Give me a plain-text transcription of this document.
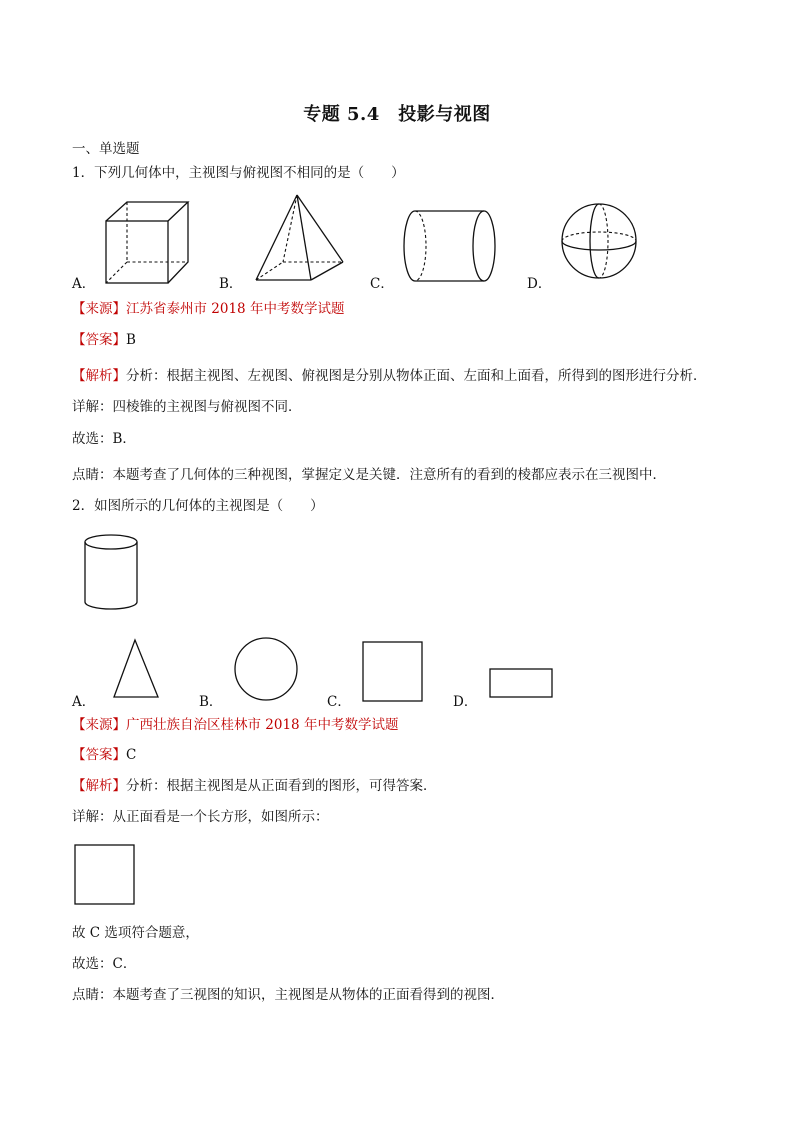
专题 5.4　投影与视图
一、单选题
1．下列几何体中，主视图与俯视图不相同的是（　　）
A．	B．	C．	D．
【来源】江苏省泰州市 2018 年中考数学试题
【答案】B
【解析】分析：根据主视图、左视图、俯视图是分别从物体正面、左面和上面看，所得到的图形进行分析．
详解：四棱锥的主视图与俯视图不同．
故选：B．
点睛：本题考查了几何体的三种视图，掌握定义是关键．注意所有的看到的棱都应表示在三视图中．
2．如图所示的几何体的主视图是（　　）
A．	B．	C．	D．
【来源】广西壮族自治区桂林市 2018 年中考数学试题
【答案】C
【解析】分析：根据主视图是从正面看到的图形，可得答案．
详解：从正面看是一个长方形，如图所示：
故 C 选项符合题意，
故选：C．
点睛：本题考查了三视图的知识，主视图是从物体的正面看得到的视图．
